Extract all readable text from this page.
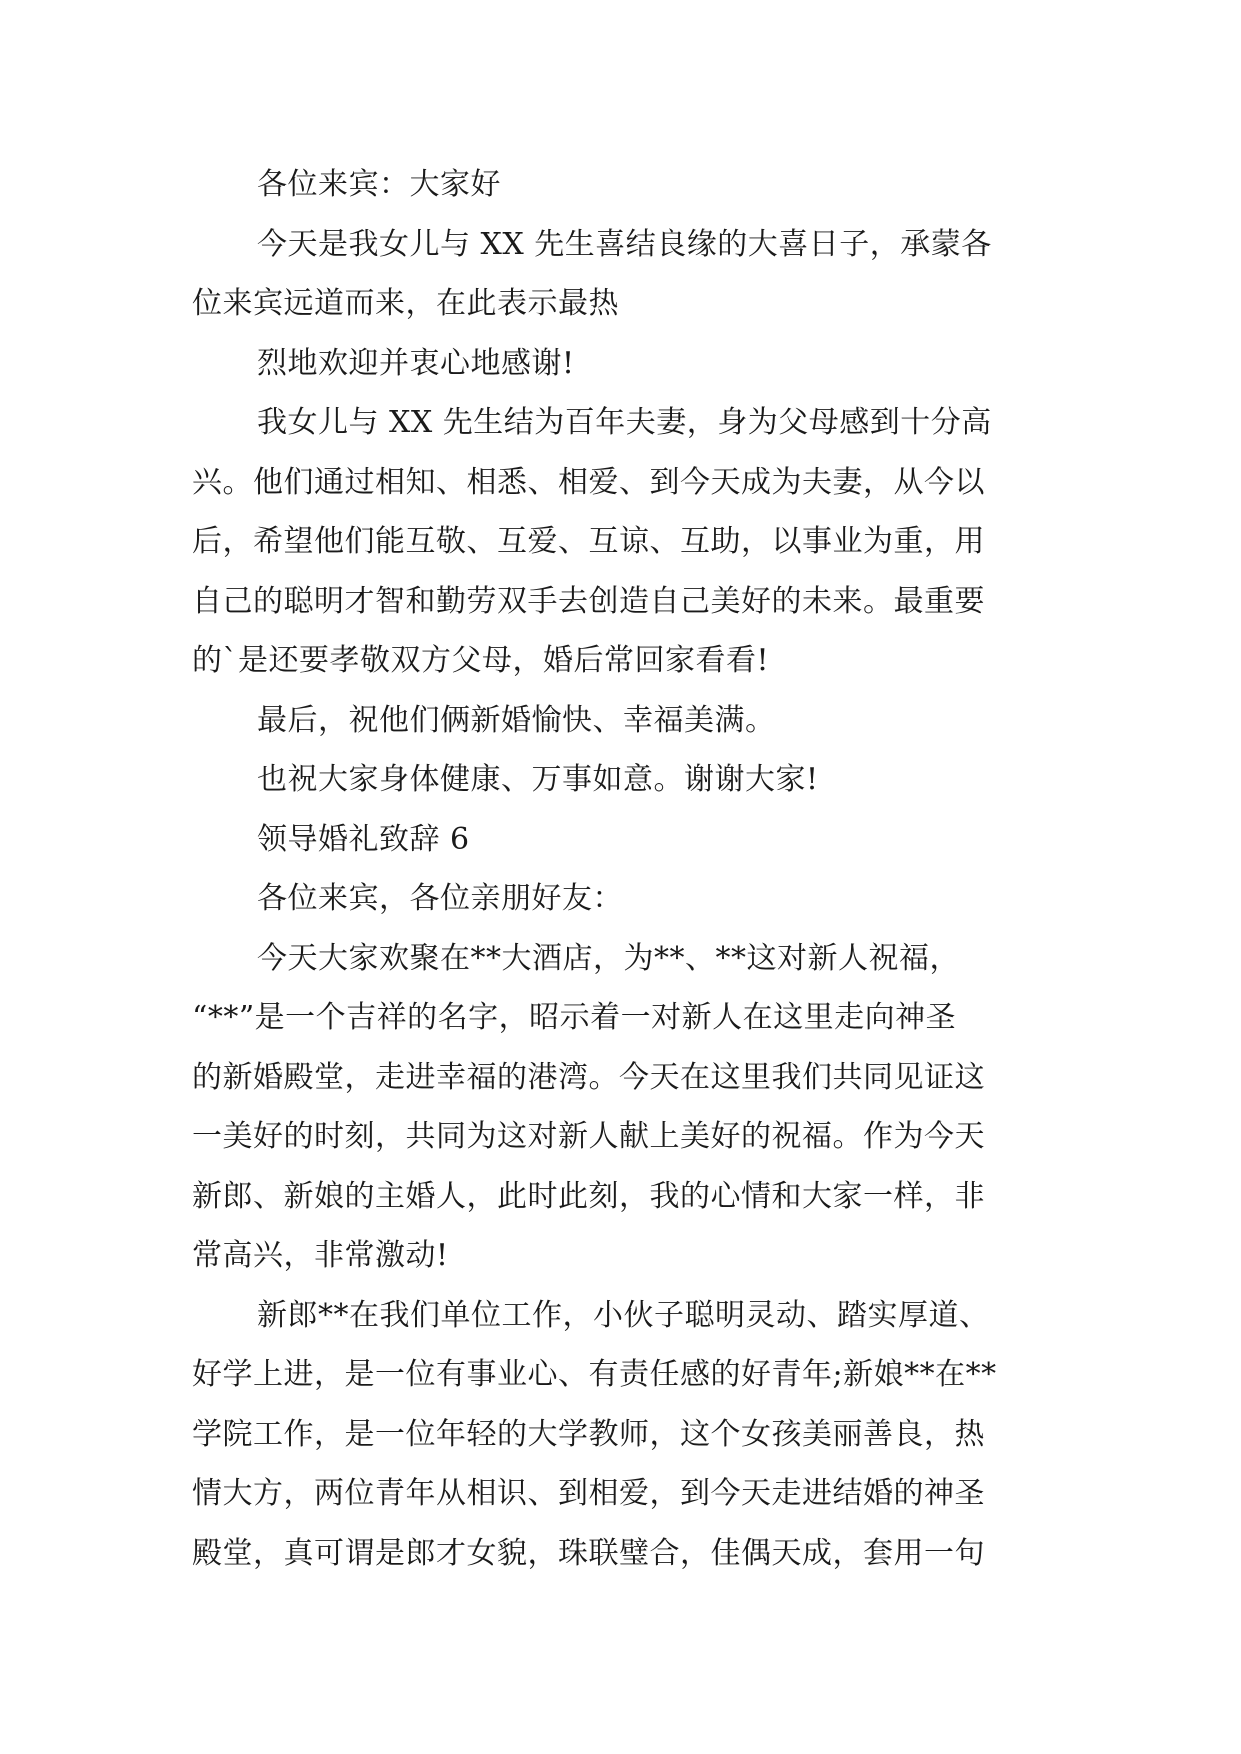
各位来宾：大家好
今天是我女儿与 XX 先生喜结良缘的大喜日子，承蒙各
位来宾远道而来，在此表示最热
烈地欢迎并衷心地感谢!
我女儿与 XX 先生结为百年夫妻，身为父母感到十分高
兴。他们通过相知、相悉、相爱、到今天成为夫妻，从今以
后，希望他们能互敬、互爱、互谅、互助，以事业为重，用
自己的聪明才智和勤劳双手去创造自己美好的未来。最重要
的`是还要孝敬双方父母，婚后常回家看看!
最后，祝他们俩新婚愉快、幸福美满。
也祝大家身体健康、万事如意。谢谢大家!
领导婚礼致辞 6
各位来宾，各位亲朋好友：
今天大家欢聚在**大酒店，为**、**这对新人祝福，
“**”是一个吉祥的名字，昭示着一对新人在这里走向神圣
的新婚殿堂，走进幸福的港湾。今天在这里我们共同见证这
一美好的时刻，共同为这对新人献上美好的祝福。作为今天
新郎、新娘的主婚人，此时此刻，我的心情和大家一样，非
常高兴，非常激动!
新郎**在我们单位工作，小伙子聪明灵动、踏实厚道、
好学上进，是一位有事业心、有责任感的好青年;新娘**在**
学院工作，是一位年轻的大学教师，这个女孩美丽善良，热
情大方，两位青年从相识、到相爱，到今天走进结婚的神圣
殿堂，真可谓是郎才女貌，珠联璧合，佳偶天成，套用一句
